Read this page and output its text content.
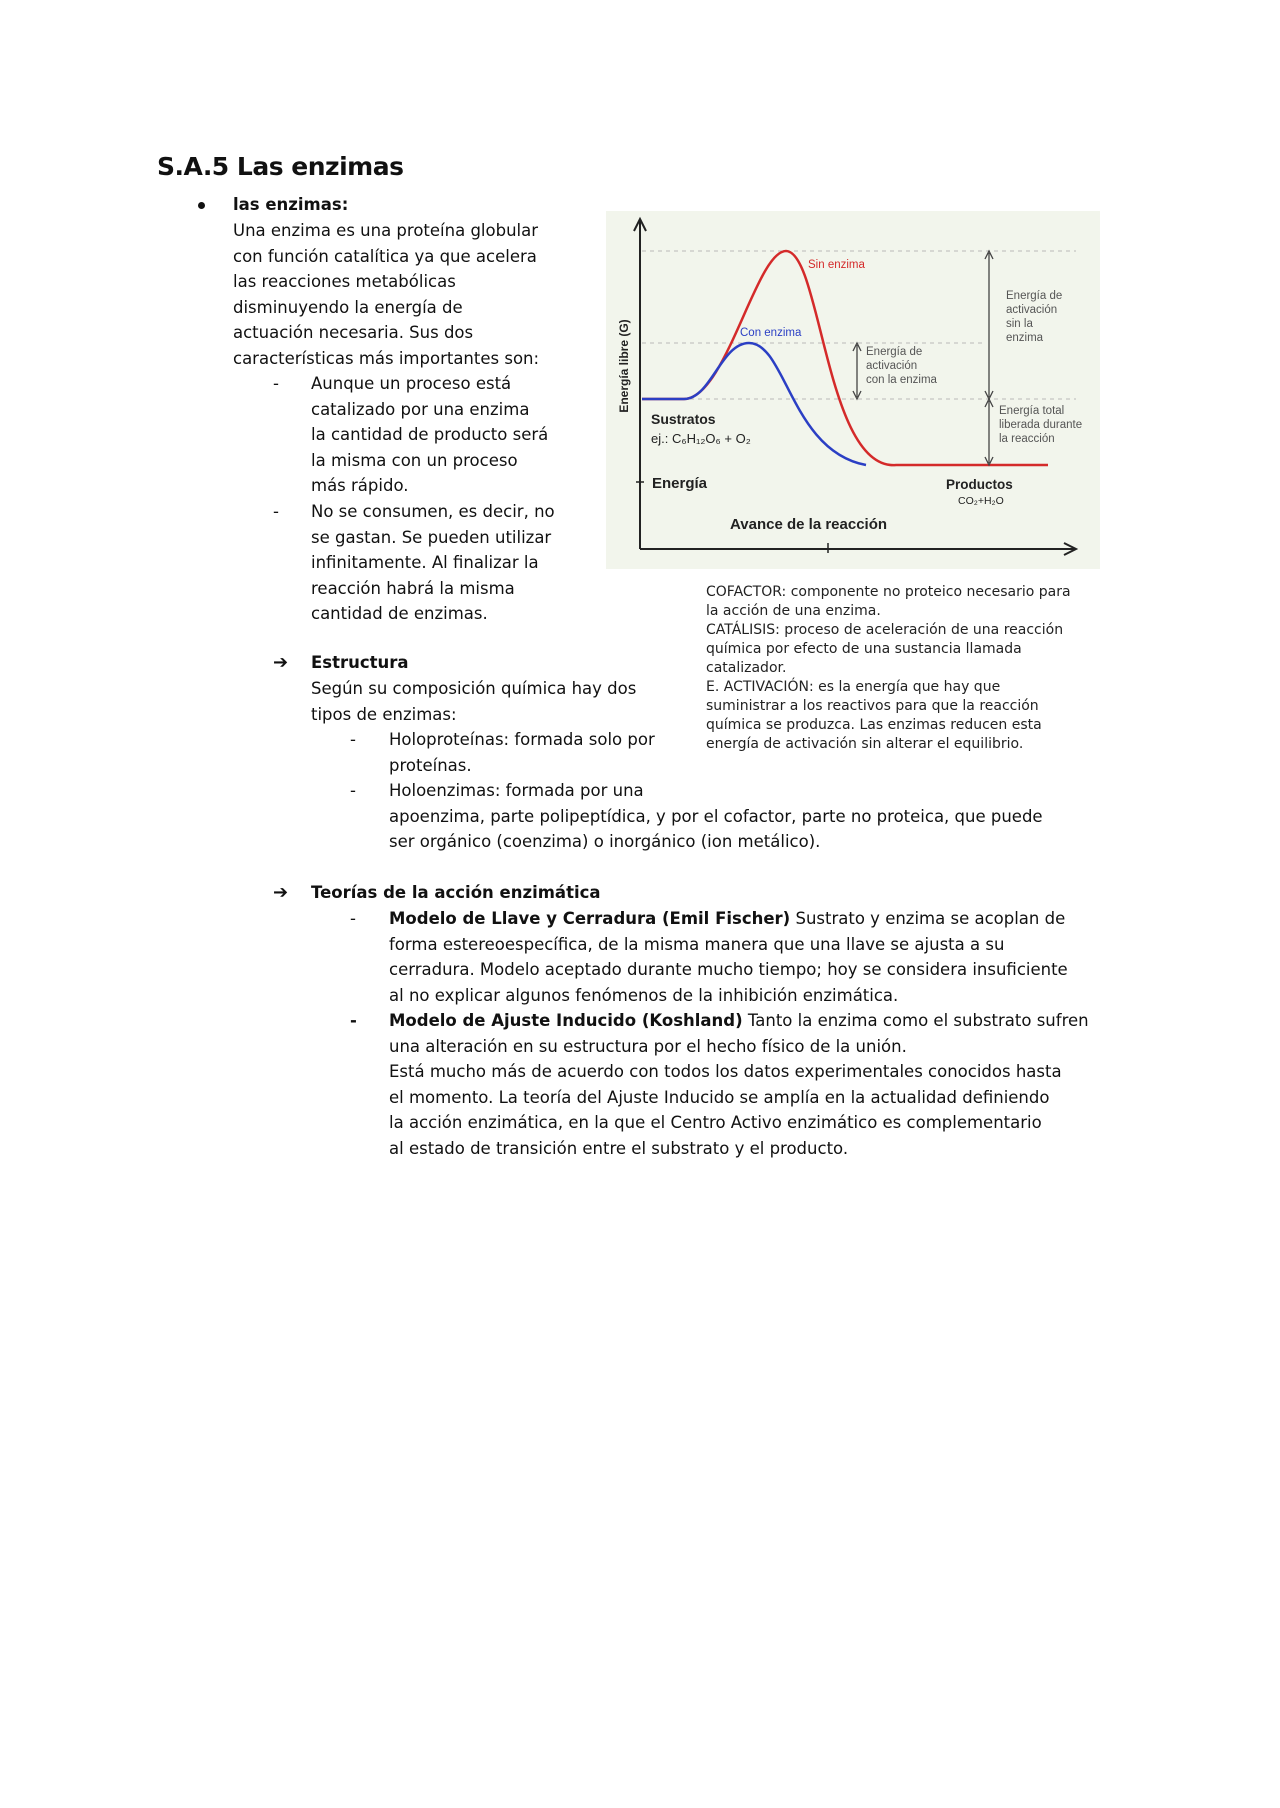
S.A.5 Las enzimas
las enzimas:
Una enzima es una proteína globular
con función catalítica ya que acelera
las reacciones metabólicas
disminuyendo la energía de
actuación necesaria. Sus dos
características más importantes son:
- Aunque un proceso está
catalizado por una enzima
la cantidad de producto será
la misma con un proceso
más rápido.
- No se consumen, es decir, no
se gastan. Se pueden utilizar
infinitamente. Al finalizar la
reacción habrá la misma
cantidad de enzimas.
Energía libre (G)
Sin enzima
Con enzima
Energía de activación con la enzima
Energía de activación sin la enzima
Energía total liberada durante la reacción
Sustratos
ej.: C₆H₁₂O₆ + O₂
Energía	Productos
CO₂+H₂O
Avance de la reacción
COFACTOR: componente no proteico necesario para
la acción de una enzima.
CATÁLISIS: proceso de aceleración de una reacción
química por efecto de una sustancia llamada
catalizador.
E. ACTIVACIÓN: es la energía que hay que
suministrar a los reactivos para que la reacción
química se produzca. Las enzimas reducen esta
energía de activación sin alterar el equilibrio.
➔ Estructura
Según su composición química hay dos
tipos de enzimas:
- Holoproteínas: formada solo por
proteínas.
- Holoenzimas: formada por una
apoenzima, parte polipeptídica, y por el cofactor, parte no proteica, que puede
ser orgánico (coenzima) o inorgánico (ion metálico).
➔ Teorías de la acción enzimática
- Modelo de Llave y Cerradura (Emil Fischer) Sustrato y enzima se acoplan de
forma estereoespecífica, de la misma manera que una llave se ajusta a su
cerradura. Modelo aceptado durante mucho tiempo; hoy se considera insuficiente
al no explicar algunos fenómenos de la inhibición enzimática.
- Modelo de Ajuste Inducido (Koshland) Tanto la enzima como el substrato sufren
una alteración en su estructura por el hecho físico de la unión.
Está mucho más de acuerdo con todos los datos experimentales conocidos hasta
el momento. La teoría del Ajuste Inducido se amplía en la actualidad definiendo
la acción enzimática, en la que el Centro Activo enzimático es complementario
al estado de transición entre el substrato y el producto.
